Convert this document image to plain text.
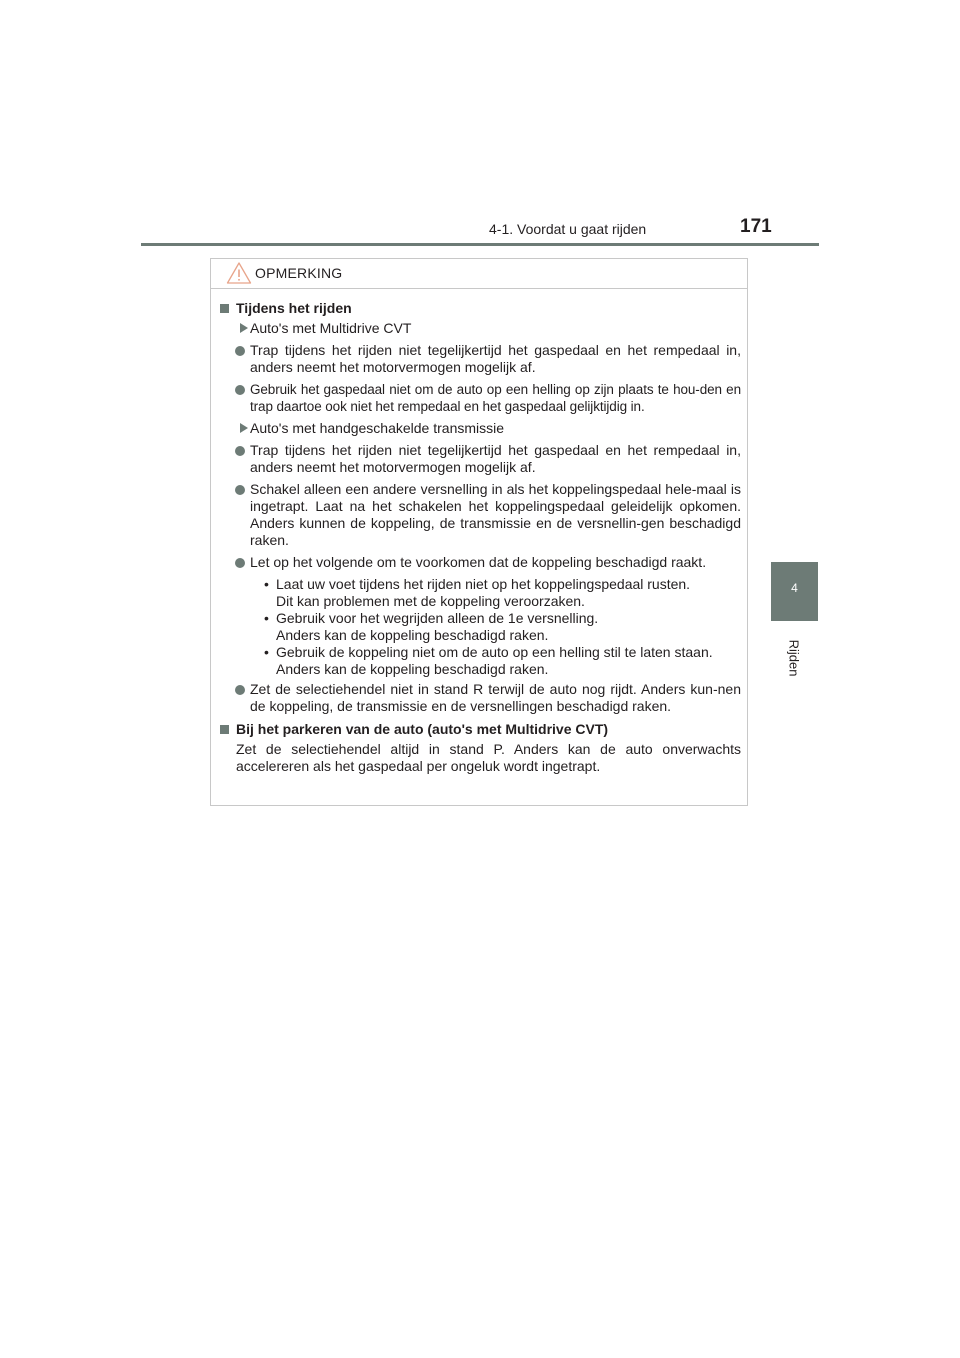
4-1. Voordat u gaat rijden	171
4
Rijden
OPMERKING
Tijdens het rijden
Auto's met Multidrive CVT
Trap tijdens het rijden niet tegelijkertijd het gaspedaal en het rempedaal in, anders neemt het motorvermogen mogelijk af.
Gebruik het gaspedaal niet om de auto op een helling op zijn plaats te hou-den en trap daartoe ook niet het rempedaal en het gaspedaal gelijktijdig in.
Auto's met handgeschakelde transmissie
Trap tijdens het rijden niet tegelijkertijd het gaspedaal en het rempedaal in, anders neemt het motorvermogen mogelijk af.
Schakel alleen een andere versnelling in als het koppelingspedaal hele-maal is ingetrapt. Laat na het schakelen het koppelingspedaal geleidelijk opkomen. Anders kunnen de koppeling, de transmissie en de versnellin-gen beschadigd raken.
Let op het volgende om te voorkomen dat de koppeling beschadigd raakt.
• Laat uw voet tijdens het rijden niet op het koppelingspedaal rusten.
Dit kan problemen met de koppeling veroorzaken.
• Gebruik voor het wegrijden alleen de 1e versnelling.
Anders kan de koppeling beschadigd raken.
• Gebruik de koppeling niet om de auto op een helling stil te laten staan.
Anders kan de koppeling beschadigd raken.
Zet de selectiehendel niet in stand R terwijl de auto nog rijdt. Anders kun-nen de koppeling, de transmissie en de versnellingen beschadigd raken.
Bij het parkeren van de auto (auto's met Multidrive CVT)
Zet de selectiehendel altijd in stand P. Anders kan de auto onverwachts accelereren als het gaspedaal per ongeluk wordt ingetrapt.
